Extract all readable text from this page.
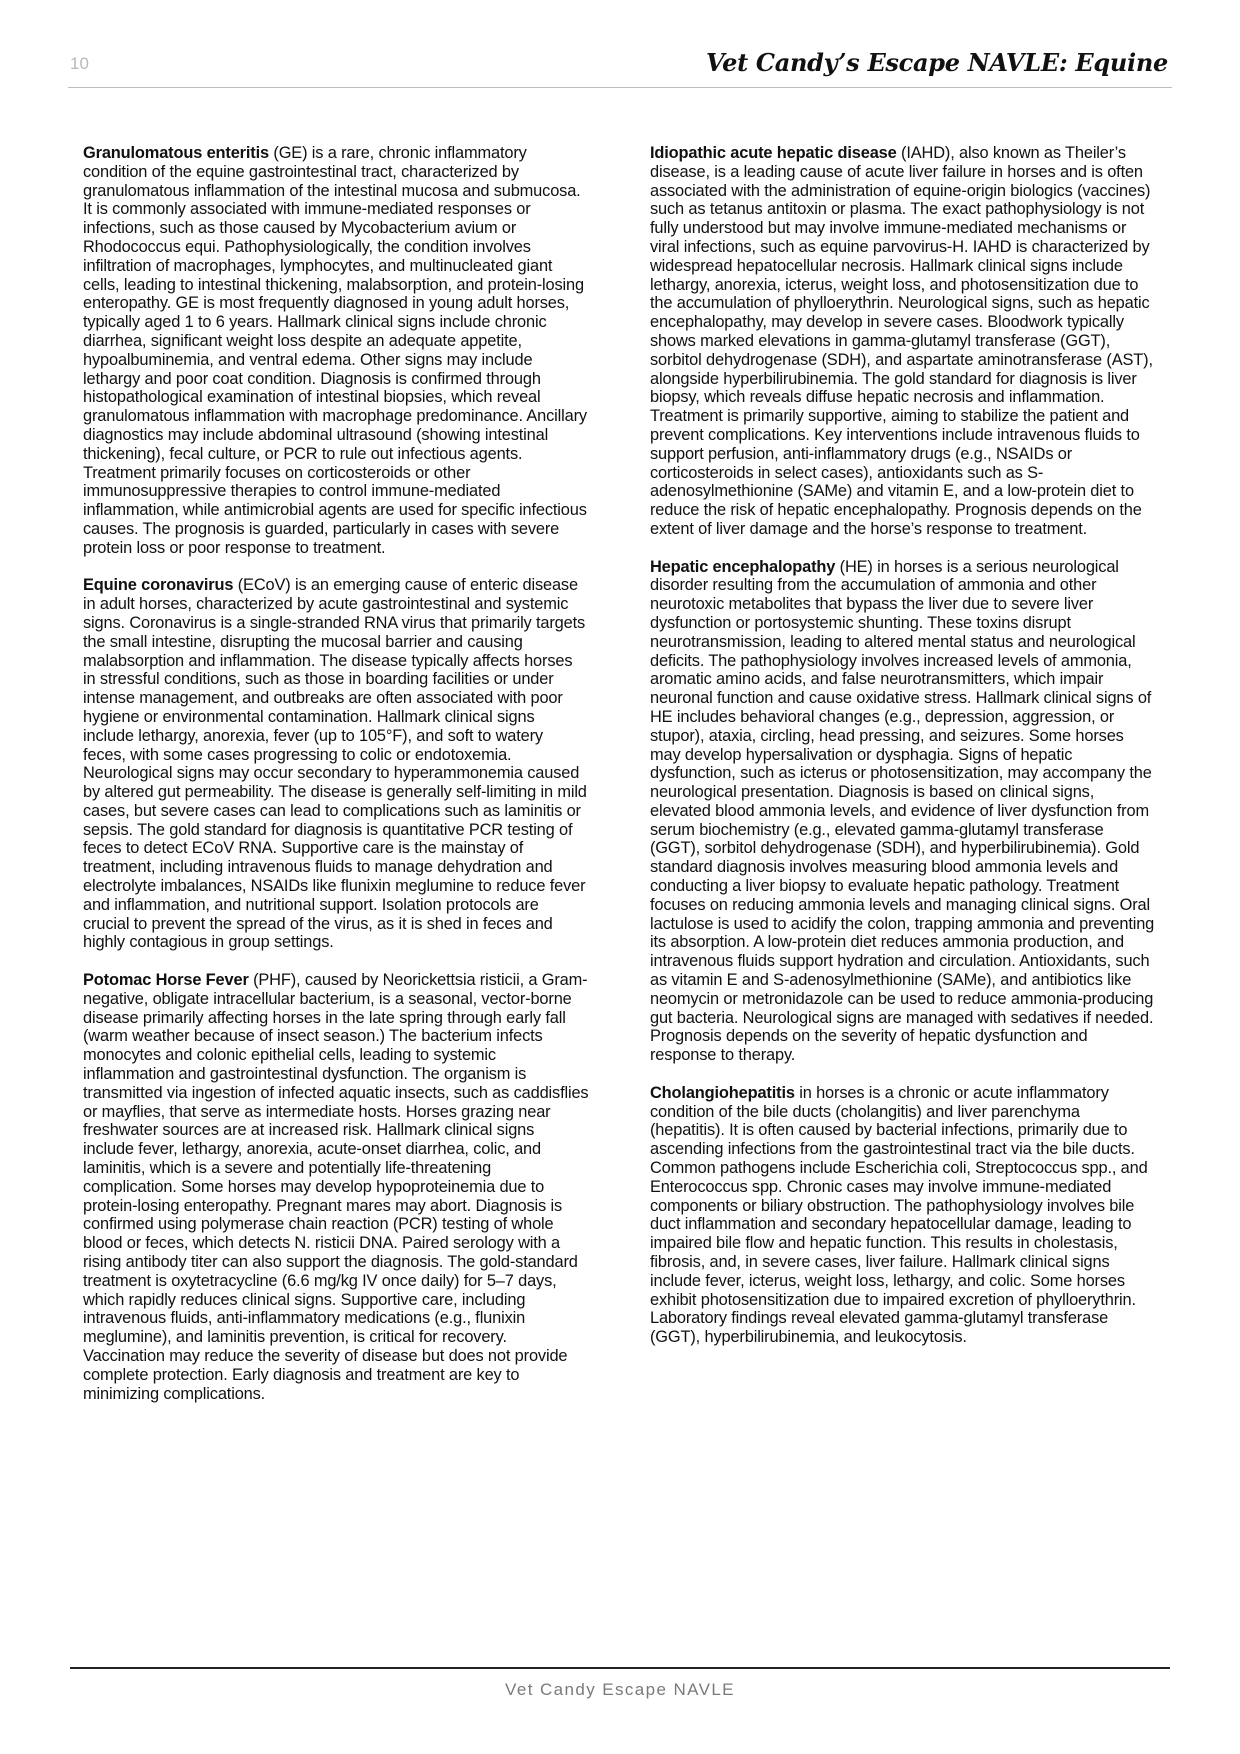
10	Vet Candy’s Escape NAVLE: Equine

Granulomatous enteritis (GE) is a rare, chronic inflammatory condition of the equine gastrointestinal tract, characterized by granulomatous inflammation of the intestinal mucosa and submucosa. It is commonly associated with immune-mediated responses or infections, such as those caused by Mycobacterium avium or Rhodococcus equi. Pathophysiologically, the condition involves infiltration of macrophages, lymphocytes, and multinucleated giant cells, leading to intestinal thickening, malabsorption, and protein-losing enteropathy. GE is most frequently diagnosed in young adult horses, typically aged 1 to 6 years. Hallmark clinical signs include chronic diarrhea, significant weight loss despite an adequate appetite, hypoalbuminemia, and ventral edema. Other signs may include lethargy and poor coat condition. Diagnosis is confirmed through histopathological examination of intestinal biopsies, which reveal granulomatous inflammation with macrophage predominance. Ancillary diagnostics may include abdominal ultrasound (showing intestinal thickening), fecal culture, or PCR to rule out infectious agents. Treatment primarily focuses on corticosteroids or other immunosuppressive therapies to control immune-mediated inflammation, while antimicrobial agents are used for specific infectious causes. The prognosis is guarded, particularly in cases with severe protein loss or poor response to treatment.

Equine coronavirus (ECoV) is an emerging cause of enteric disease in adult horses, characterized by acute gastrointestinal and systemic signs. Coronavirus is a single-stranded RNA virus that primarily targets the small intestine, disrupting the mucosal barrier and causing malabsorption and inflammation. The disease typically affects horses in stressful conditions, such as those in boarding facilities or under intense management, and outbreaks are often associated with poor hygiene or environmental contamination. Hallmark clinical signs include lethargy, anorexia, fever (up to 105°F), and soft to watery feces, with some cases progressing to colic or endotoxemia. Neurological signs may occur secondary to hyperammonemia caused by altered gut permeability. The disease is generally self-limiting in mild cases, but severe cases can lead to complications such as laminitis or sepsis. The gold standard for diagnosis is quantitative PCR testing of feces to detect ECoV RNA. Supportive care is the mainstay of treatment, including intravenous fluids to manage dehydration and electrolyte imbalances, NSAIDs like flunixin meglumine to reduce fever and inflammation, and nutritional support. Isolation protocols are crucial to prevent the spread of the virus, as it is shed in feces and highly contagious in group settings.

Potomac Horse Fever (PHF), caused by Neorickettsia risticii, a Gram-negative, obligate intracellular bacterium, is a seasonal, vector-borne disease primarily affecting horses in the late spring through early fall (warm weather because of insect season.) The bacterium infects monocytes and colonic epithelial cells, leading to systemic inflammation and gastrointestinal dysfunction. The organism is transmitted via ingestion of infected aquatic insects, such as caddisflies or mayflies, that serve as intermediate hosts. Horses grazing near freshwater sources are at increased risk. Hallmark clinical signs include fever, lethargy, anorexia, acute-onset diarrhea, colic, and laminitis, which is a severe and potentially life-threatening complication. Some horses may develop hypoproteinemia due to protein-losing enteropathy. Pregnant mares may abort. Diagnosis is confirmed using polymerase chain reaction (PCR) testing of whole blood or feces, which detects N. risticii DNA. Paired serology with a rising antibody titer can also support the diagnosis. The gold-standard treatment is oxytetracycline (6.6 mg/kg IV once daily) for 5–7 days, which rapidly reduces clinical signs. Supportive care, including intravenous fluids, anti-inflammatory medications (e.g., flunixin meglumine), and laminitis prevention, is critical for recovery. Vaccination may reduce the severity of disease but does not provide complete protection. Early diagnosis and treatment are key to minimizing complications.

Idiopathic acute hepatic disease (IAHD), also known as Theiler’s disease, is a leading cause of acute liver failure in horses and is often associated with the administration of equine-origin biologics (vaccines) such as tetanus antitoxin or plasma. The exact pathophysiology is not fully understood but may involve immune-mediated mechanisms or viral infections, such as equine parvovirus-H. IAHD is characterized by widespread hepatocellular necrosis. Hallmark clinical signs include lethargy, anorexia, icterus, weight loss, and photosensitization due to the accumulation of phylloerythrin. Neurological signs, such as hepatic encephalopathy, may develop in severe cases. Bloodwork typically shows marked elevations in gamma-glutamyl transferase (GGT), sorbitol dehydrogenase (SDH), and aspartate aminotransferase (AST), alongside hyperbilirubinemia. The gold standard for diagnosis is liver biopsy, which reveals diffuse hepatic necrosis and inflammation. Treatment is primarily supportive, aiming to stabilize the patient and prevent complications. Key interventions include intravenous fluids to support perfusion, anti-inflammatory drugs (e.g., NSAIDs or corticosteroids in select cases), antioxidants such as S-adenosylmethionine (SAMe) and vitamin E, and a low-protein diet to reduce the risk of hepatic encephalopathy. Prognosis depends on the extent of liver damage and the horse’s response to treatment.

Hepatic encephalopathy (HE) in horses is a serious neurological disorder resulting from the accumulation of ammonia and other neurotoxic metabolites that bypass the liver due to severe liver dysfunction or portosystemic shunting. These toxins disrupt neurotransmission, leading to altered mental status and neurological deficits. The pathophysiology involves increased levels of ammonia, aromatic amino acids, and false neurotransmitters, which impair neuronal function and cause oxidative stress. Hallmark clinical signs of HE includes behavioral changes (e.g., depression, aggression, or stupor), ataxia, circling, head pressing, and seizures. Some horses may develop hypersalivation or dysphagia. Signs of hepatic dysfunction, such as icterus or photosensitization, may accompany the neurological presentation. Diagnosis is based on clinical signs, elevated blood ammonia levels, and evidence of liver dysfunction from serum biochemistry (e.g., elevated gamma-glutamyl transferase (GGT), sorbitol dehydrogenase (SDH), and hyperbilirubinemia). Gold standard diagnosis involves measuring blood ammonia levels and conducting a liver biopsy to evaluate hepatic pathology. Treatment focuses on reducing ammonia levels and managing clinical signs. Oral lactulose is used to acidify the colon, trapping ammonia and preventing its absorption. A low-protein diet reduces ammonia production, and intravenous fluids support hydration and circulation. Antioxidants, such as vitamin E and S-adenosylmethionine (SAMe), and antibiotics like neomycin or metronidazole can be used to reduce ammonia-producing gut bacteria. Neurological signs are managed with sedatives if needed. Prognosis depends on the severity of hepatic dysfunction and response to therapy.

Cholangiohepatitis in horses is a chronic or acute inflammatory condition of the bile ducts (cholangitis) and liver parenchyma (hepatitis). It is often caused by bacterial infections, primarily due to ascending infections from the gastrointestinal tract via the bile ducts. Common pathogens include Escherichia coli, Streptococcus spp., and Enterococcus spp. Chronic cases may involve immune-mediated components or biliary obstruction. The pathophysiology involves bile duct inflammation and secondary hepatocellular damage, leading to impaired bile flow and hepatic function. This results in cholestasis, fibrosis, and, in severe cases, liver failure. Hallmark clinical signs include fever, icterus, weight loss, lethargy, and colic. Some horses exhibit photosensitization due to impaired excretion of phylloerythrin. Laboratory findings reveal elevated gamma-glutamyl transferase (GGT), hyperbilirubinemia, and leukocytosis.

Vet Candy Escape NAVLE
